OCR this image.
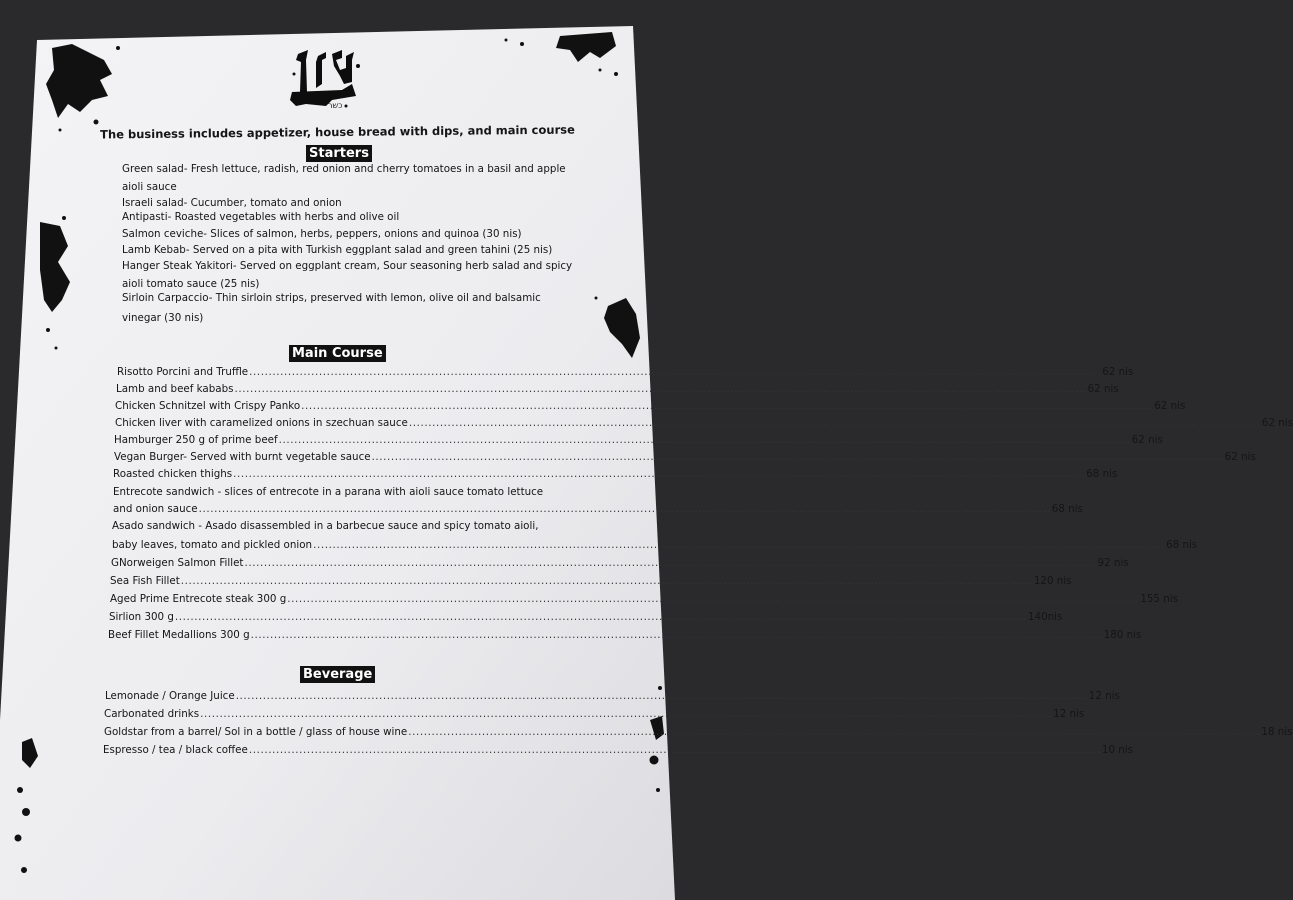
כשר
The business includes appetizer, house bread with dips, and main course
Starters
Green salad- Fresh lettuce, radish, red onion and cherry tomatoes in a basil and apple
aioli sauce
Israeli salad- Cucumber, tomato and onion
Antipasti- Roasted vegetables with herbs and olive oil
Salmon ceviche- Slices of salmon, herbs, peppers, onions and quinoa (30 nis)
Lamb Kebab- Served on a pita with Turkish eggplant salad and green tahini (25 nis)
Hanger Steak Yakitori- Served on eggplant cream, Sour seasoning herb salad and spicy
aioli tomato sauce (25 nis)
Sirloin Carpaccio- Thin sirloin strips, preserved with lemon, olive oil and balsamic
vinegar (30 nis)
Main Course
Risotto Porcini and Truffle ............................................................................................................................................................................................................................ 62 nis
Lamb and beef kababs ............................................................................................................................................................................................................................ 62 nis
Chicken Schnitzel with Crispy Panko ............................................................................................................................................................................................................................ 62 nis
Chicken liver with caramelized onions in szechuan sauce ............................................................................................................................................................................................................................ 62 nis
Hamburger 250 g of prime beef ............................................................................................................................................................................................................................ 62 nis
Vegan Burger- Served with burnt vegetable sauce ............................................................................................................................................................................................................................ 62 nis
Roasted chicken thighs ............................................................................................................................................................................................................................ 68 nis
Entrecote sandwich - slices of entrecote in a parana with aioli sauce tomato lettuce
and onion sauce ............................................................................................................................................................................................................................ 68 nis
Asado sandwich - Asado disassembled in a barbecue sauce and spicy tomato aioli,
baby leaves, tomato and pickled onion ............................................................................................................................................................................................................................ 68 nis
GNorweigen Salmon Fillet ............................................................................................................................................................................................................................ 92 nis
Sea Fish Fillet ............................................................................................................................................................................................................................ 120 nis
Aged Prime Entrecote steak 300 g ............................................................................................................................................................................................................................ 155 nis
Sirlion 300 g ............................................................................................................................................................................................................................ 140nis
Beef Fillet Medallions 300 g ............................................................................................................................................................................................................................ 180 nis
Beverage
Lemonade / Orange Juice ............................................................................................................................................................................................................................ 12 nis
Carbonated drinks ............................................................................................................................................................................................................................ 12 nis
Goldstar from a barrel/ Sol in a bottle / glass of house wine ............................................................................................................................................................................................................................ 18 nis
Espresso / tea / black coffee ............................................................................................................................................................................................................................ 10 nis
